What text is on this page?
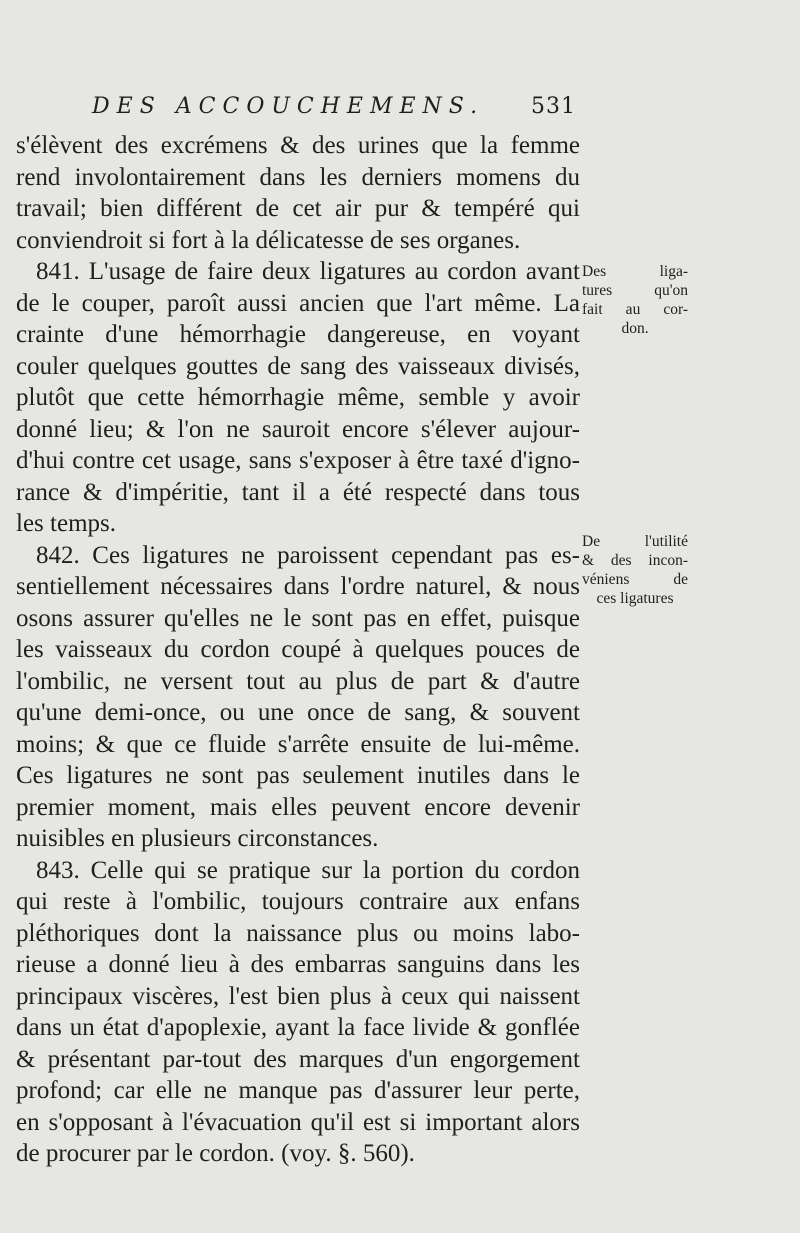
DES ACCOUCHEMENS. 531

s'élèvent des excrémens & des urines que la femme
rend involontairement dans les derniers momens du
travail; bien différent de cet air pur & tempéré qui
conviendroit si fort à la délicatesse de ses organes.

841. L'usage de faire deux ligatures au cordon avant
de le couper, paroît aussi ancien que l'art même. La
crainte d'une hémorrhagie dangereuse, en voyant
couler quelques gouttes de sang des vaisseaux divisés,
plutôt que cette hémorrhagie même, semble y avoir
donné lieu; & l'on ne sauroit encore s'élever aujour-
d'hui contre cet usage, sans s'exposer à être taxé d'igno-
rance & d'impéritie, tant il a été respecté dans tous
les temps.

842. Ces ligatures ne paroissent cependant pas es-
sentiellement nécessaires dans l'ordre naturel, & nous
osons assurer qu'elles ne le sont pas en effet, puisque
les vaisseaux du cordon coupé à quelques pouces de
l'ombilic, ne versent tout au plus de part & d'autre
qu'une demi-once, ou une once de sang, & souvent
moins; & que ce fluide s'arrête ensuite de lui-même.
Ces ligatures ne sont pas seulement inutiles dans le
premier moment, mais elles peuvent encore devenir
nuisibles en plusieurs circonstances.

843. Celle qui se pratique sur la portion du cordon
qui reste à l'ombilic, toujours contraire aux enfans
pléthoriques dont la naissance plus ou moins labo-
rieuse a donné lieu à des embarras sanguins dans les
principaux viscères, l'est bien plus à ceux qui naissent
dans un état d'apoplexie, ayant la face livide & gonflée
& présentant par-tout des marques d'un engorgement
profond; car elle ne manque pas d'assurer leur perte,
en s'opposant à l'évacuation qu'il est si important alors
de procurer par le cordon. (voy. §. 560).

Des liga-
tures qu'on
fait au cor-
don.
De l'utilité
& des incon-
véniens de
ces ligatures
